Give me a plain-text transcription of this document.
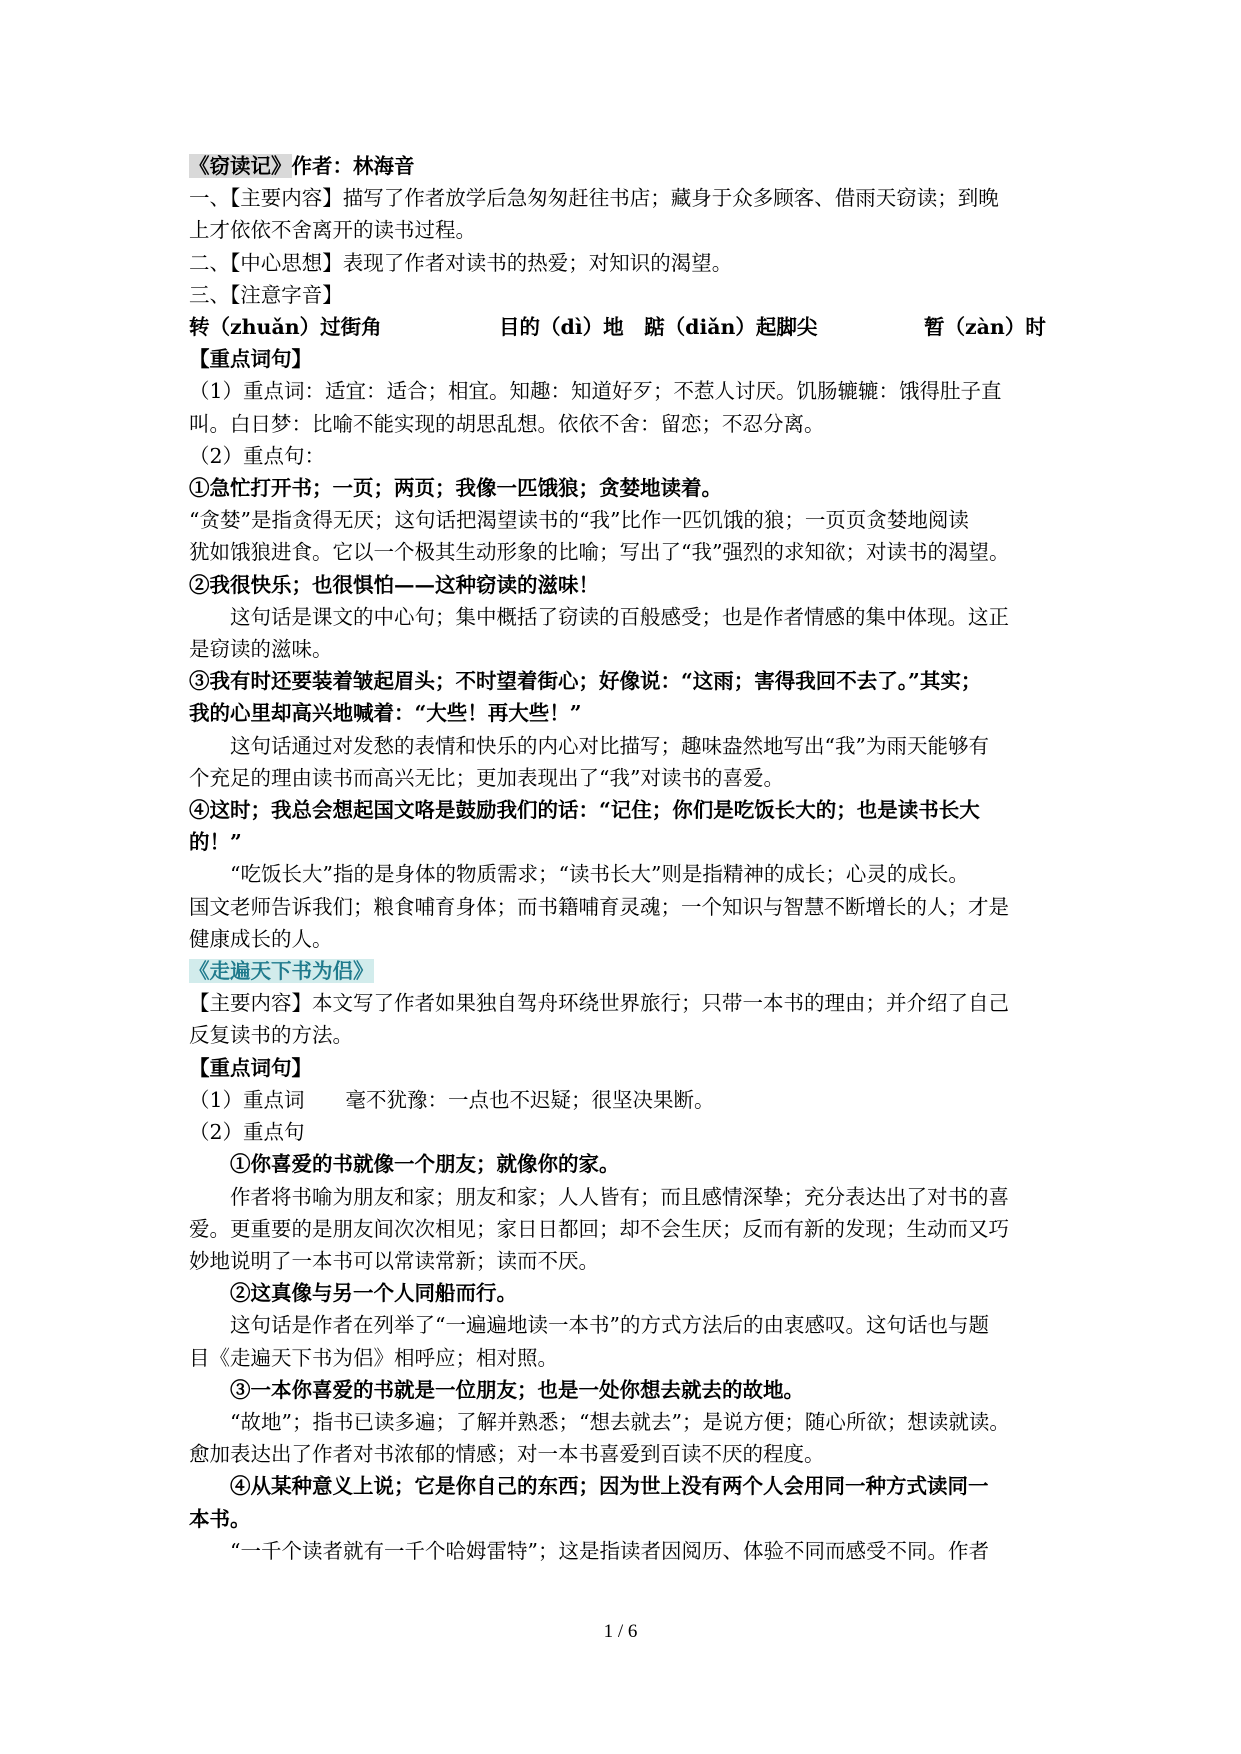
《窃读记》作者：林海音

一、【主要内容】描写了作者放学后急匆匆赶往书店；藏身于众多顾客、借雨天窃读；到晚

上才依依不舍离开的读书过程。

二、【中心思想】表现了作者对读书的热爱；对知识的渴望。

三、【注意字音】

转（zhuǎn）过街角	目的（dì）地　踮（diǎn）起脚尖	暂（zàn）时

【重点词句】

（1）重点词：适宜：适合；相宜。知趣：知道好歹；不惹人讨厌。饥肠辘辘：饿得肚子直

叫。白日梦：比喻不能实现的胡思乱想。依依不舍：留恋；不忍分离。

（2）重点句：

①急忙打开书；一页；两页；我像一匹饿狼；贪婪地读着。

“贪婪”是指贪得无厌；这句话把渴望读书的“我”比作一匹饥饿的狼；一页页贪婪地阅读

犹如饿狼进食。它以一个极其生动形象的比喻；写出了“我”强烈的求知欲；对读书的渴望。

②我很快乐；也很惧怕——这种窃读的滋味！

这句话是课文的中心句；集中概括了窃读的百般感受；也是作者情感的集中体现。这正

是窃读的滋味。

③我有时还要装着皱起眉头；不时望着街心；好像说：“这雨；害得我回不去了。”其实；

我的心里却高兴地喊着：“大些！再大些！”

这句话通过对发愁的表情和快乐的内心对比描写；趣味盎然地写出“我”为雨天能够有

个充足的理由读书而高兴无比；更加表现出了“我”对读书的喜爱。

④这时；我总会想起国文咯是鼓励我们的话：“记住；你们是吃饭长大的；也是读书长大

的！”

“吃饭长大”指的是身体的物质需求；“读书长大”则是指精神的成长；心灵的成长。

国文老师告诉我们；粮食哺育身体；而书籍哺育灵魂；一个知识与智慧不断增长的人；才是

健康成长的人。

《走遍天下书为侣》

【主要内容】本文写了作者如果独自驾舟环绕世界旅行；只带一本书的理由；并介绍了自己

反复读书的方法。

【重点词句】

（1）重点词　　毫不犹豫：一点也不迟疑；很坚决果断。

（2）重点句

①你喜爱的书就像一个朋友；就像你的家。

作者将书喻为朋友和家；朋友和家；人人皆有；而且感情深挚；充分表达出了对书的喜

爱。更重要的是朋友间次次相见；家日日都回；却不会生厌；反而有新的发现；生动而又巧

妙地说明了一本书可以常读常新；读而不厌。

②这真像与另一个人同船而行。

这句话是作者在列举了“一遍遍地读一本书”的方式方法后的由衷感叹。这句话也与题

目《走遍天下书为侣》相呼应；相对照。

③一本你喜爱的书就是一位朋友；也是一处你想去就去的故地。

“故地”；指书已读多遍；了解并熟悉；“想去就去”；是说方便；随心所欲；想读就读。

愈加表达出了作者对书浓郁的情感；对一本书喜爱到百读不厌的程度。

④从某种意义上说；它是你自己的东西；因为世上没有两个人会用同一种方式读同一

本书。

“一千个读者就有一千个哈姆雷特”；这是指读者因阅历、体验不同而感受不同。作者

1 / 6
